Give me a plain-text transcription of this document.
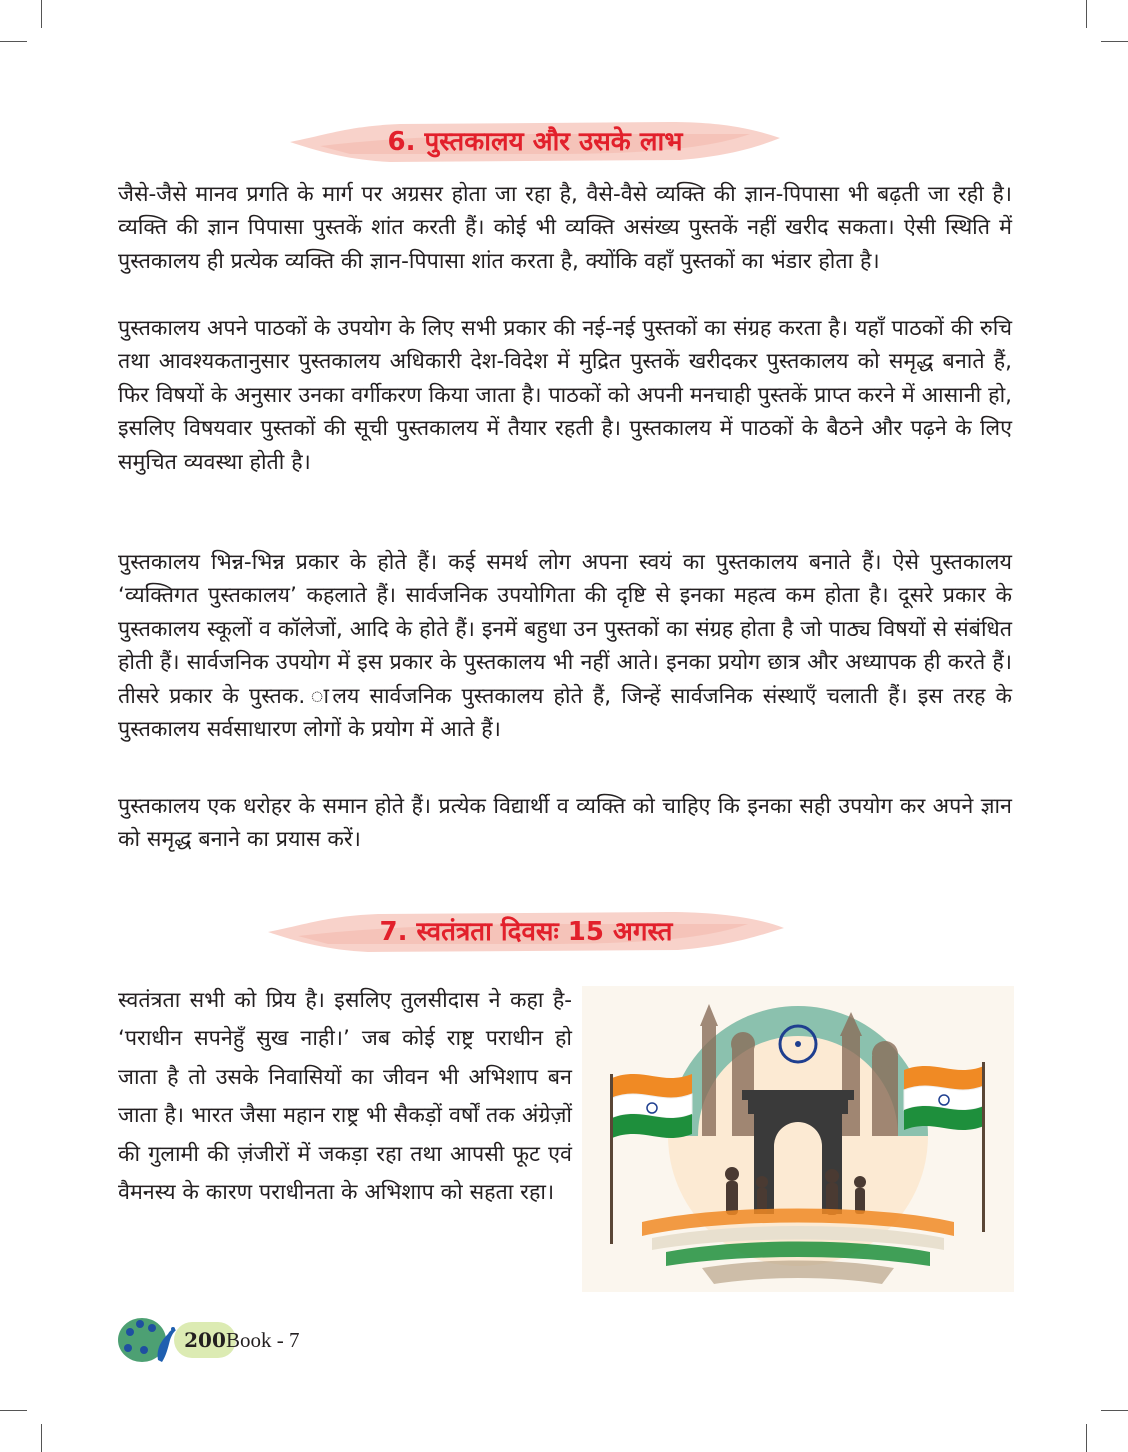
6. पुस्तकालय और उसके लाभ

जैसे-जैसे मानव प्रगति के मार्ग पर अग्रसर होता जा रहा है, वैसे-वैसे व्यक्ति की ज्ञान-पिपासा भी बढ़ती जा रही है। व्यक्ति की ज्ञान पिपासा पुस्तकें शांत करती हैं। कोई भी व्यक्ति असंख्य पुस्तकें नहीं खरीद सकता। ऐसी स्थिति में पुस्तकालय ही प्रत्येक व्यक्ति की ज्ञान-पिपासा शांत करता है, क्योंकि वहाँ पुस्तकों का भंडार होता है।

पुस्तकालय अपने पाठकों के उपयोग के लिए सभी प्रकार की नई-नई पुस्तकों का संग्रह करता है। यहाँ पाठकों की रुचि तथा आवश्यकतानुसार पुस्तकालय अधिकारी देश-विदेश में मुद्रित पुस्तकें खरीदकर पुस्तकालय को समृद्ध बनाते हैं, फिर विषयों के अनुसार उनका वर्गीकरण किया जाता है। पाठकों को अपनी मनचाही पुस्तकें प्राप्त करने में आसानी हो, इसलिए विषयवार पुस्तकों की सूची पुस्तकालय में तैयार रहती है। पुस्तकालय में पाठकों के बैठने और पढ़ने के लिए समुचित व्यवस्था होती है।

पुस्तकालय भिन्न-भिन्न प्रकार के होते हैं। कई समर्थ लोग अपना स्वयं का पुस्तकालय बनाते हैं। ऐसे पुस्तकालय ‘व्यक्तिगत पुस्तकालय’ कहलाते हैं। सार्वजनिक उपयोगिता की दृष्टि से इनका महत्व कम होता है। दूसरे प्रकार के पुस्तकालय स्कूलों व कॉलेजों, आदि के होते हैं। इनमें बहुधा उन पुस्तकों का संग्रह होता है जो पाठ्य विषयों से संबंधित होती हैं। सार्वजनिक उपयोग में इस प्रकार के पुस्तकालय भी नहीं आते। इनका प्रयोग छात्र और अध्यापक ही करते हैं। तीसरे प्रकार के पुस्तक. ालय सार्वजनिक पुस्तकालय होते हैं, जिन्हें सार्वजनिक संस्थाएँ चलाती हैं। इस तरह के पुस्तकालय सर्वसाधारण लोगों के प्रयोग में आते हैं।

पुस्तकालय एक धरोहर के समान होते हैं। प्रत्येक विद्यार्थी व व्यक्ति को चाहिए कि इनका सही उपयोग कर अपने ज्ञान को समृद्ध बनाने का प्रयास करें।

7. स्वतंत्रता दिवसः 15 अगस्त

स्वतंत्रता सभी को प्रिय है। इसलिए तुलसीदास ने कहा है- ‘पराधीन सपनेहुँ सुख नाही।’ जब कोई राष्ट्र पराधीन हो जाता है तो उसके निवासियों का जीवन भी अभिशाप बन जाता है। भारत जैसा महान राष्ट्र भी सैकड़ों वर्षों तक अंग्रेज़ों की गुलामी की ज़ंजीरों में जकड़ा रहा तथा आपसी फूट एवं वैमनस्य के कारण पराधीनता के अभिशाप को सहता रहा।

200 Book - 7
